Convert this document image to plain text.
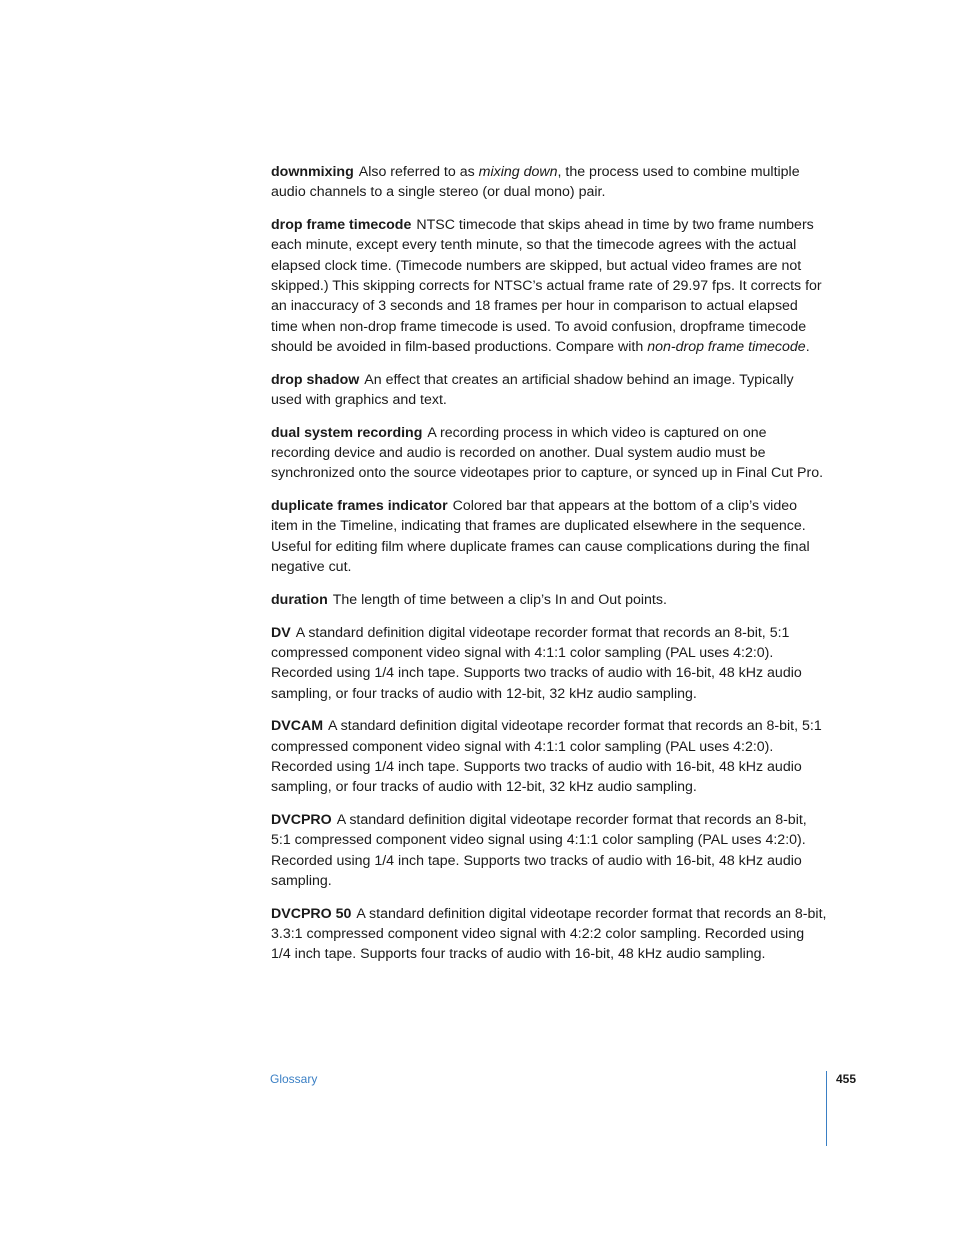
downmixing Also referred to as mixing down, the process used to combine multiple audio channels to a single stereo (or dual mono) pair.

drop frame timecode NTSC timecode that skips ahead in time by two frame numbers each minute, except every tenth minute, so that the timecode agrees with the actual elapsed clock time. (Timecode numbers are skipped, but actual video frames are not skipped.) This skipping corrects for NTSC’s actual frame rate of 29.97 fps. It corrects for an inaccuracy of 3 seconds and 18 frames per hour in comparison to actual elapsed time when non-drop frame timecode is used. To avoid confusion, dropframe timecode should be avoided in film-based productions. Compare with non-drop frame timecode.

drop shadow An effect that creates an artificial shadow behind an image. Typically used with graphics and text.

dual system recording A recording process in which video is captured on one recording device and audio is recorded on another. Dual system audio must be synchronized onto the source videotapes prior to capture, or synced up in Final Cut Pro.

duplicate frames indicator Colored bar that appears at the bottom of a clip’s video item in the Timeline, indicating that frames are duplicated elsewhere in the sequence. Useful for editing film where duplicate frames can cause complications during the final negative cut.

duration The length of time between a clip’s In and Out points.

DV A standard definition digital videotape recorder format that records an 8-bit, 5:1 compressed component video signal with 4:1:1 color sampling (PAL uses 4:2:0). Recorded using 1/4 inch tape. Supports two tracks of audio with 16-bit, 48 kHz audio sampling, or four tracks of audio with 12-bit, 32 kHz audio sampling.

DVCAM A standard definition digital videotape recorder format that records an 8-bit, 5:1 compressed component video signal with 4:1:1 color sampling (PAL uses 4:2:0). Recorded using 1/4 inch tape. Supports two tracks of audio with 16-bit, 48 kHz audio sampling, or four tracks of audio with 12-bit, 32 kHz audio sampling.

DVCPRO A standard definition digital videotape recorder format that records an 8-bit, 5:1 compressed component video signal using 4:1:1 color sampling (PAL uses 4:2:0). Recorded using 1/4 inch tape. Supports two tracks of audio with 16-bit, 48 kHz audio sampling.

DVCPRO 50 A standard definition digital videotape recorder format that records an 8-bit, 3.3:1 compressed component video signal with 4:2:2 color sampling. Recorded using 1/4 inch tape. Supports four tracks of audio with 16-bit, 48 kHz audio sampling.

Glossary	455
